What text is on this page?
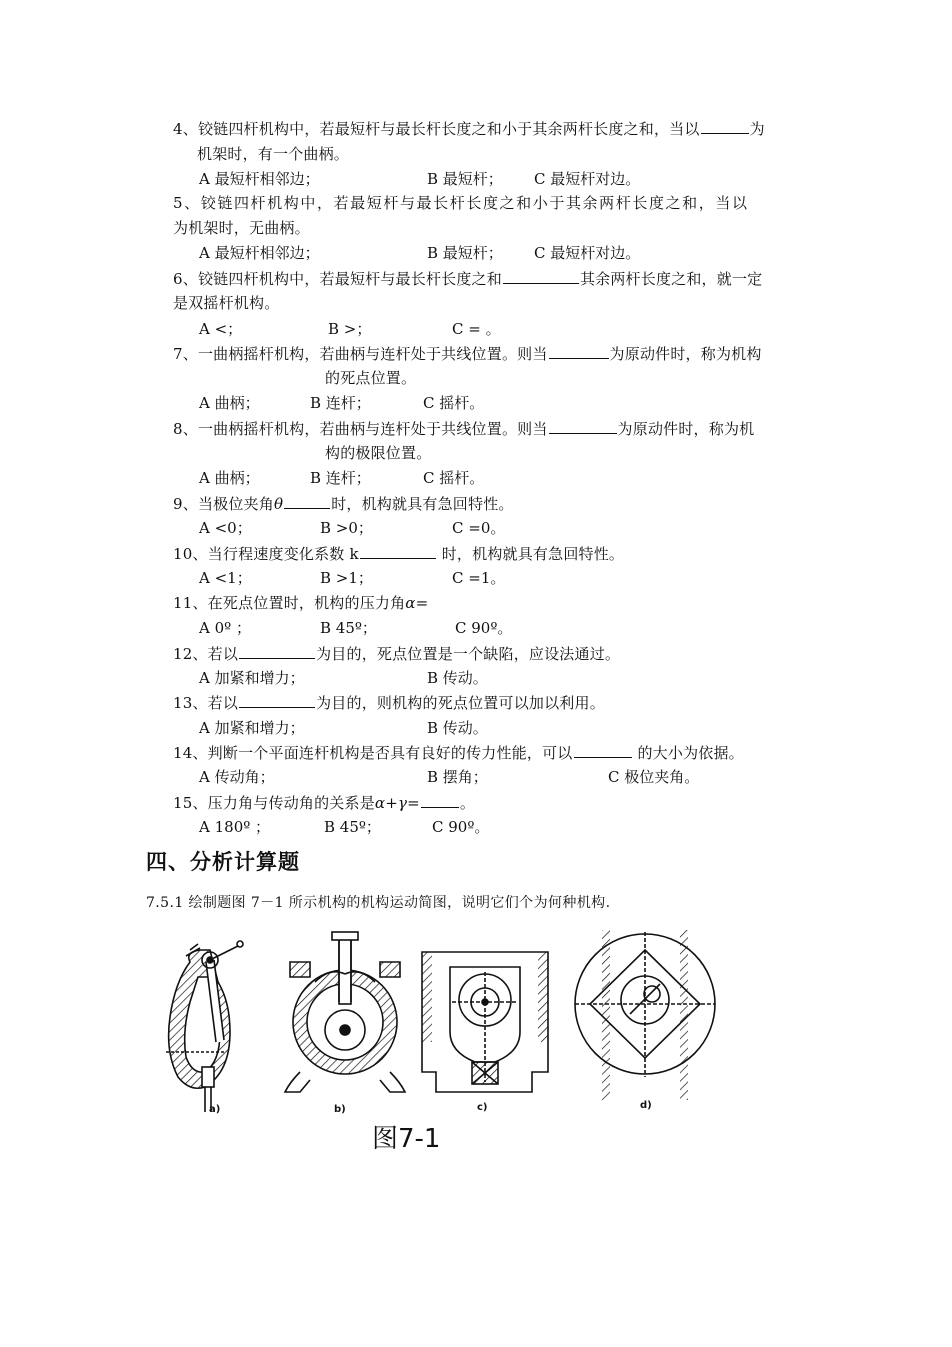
4、铰链四杆机构中，若最短杆与最长杆长度之和小于其余两杆长度之和，当以	为
机架时，有一个曲柄。
A 最短杆相邻边；	B 最短杆； C 最短杆对边。
5、铰链四杆机构中，若最短杆与最长杆长度之和小于其余两杆长度之和，当以
为机架时，无曲柄。
A 最短杆相邻边；	B 最短杆； C 最短杆对边。
6、铰链四杆机构中，若最短杆与最长杆长度之和	其余两杆长度之和，就一定
是双摇杆机构。
A <；	B >；	C = 。
7、一曲柄摇杆机构，若曲柄与连杆处于共线位置。则当	为原动件时，称为机构
的死点位置。
A 曲柄；	B 连杆；	C 摇杆。
8、一曲柄摇杆机构，若曲柄与连杆处于共线位置。则当	为原动件时，称为机
构的极限位置。
A 曲柄；	B 连杆；	C 摇杆。
9、当极位夹角θ	时，机构就具有急回特性。
A <0；	B >0；	C =0。
10、当行程速度变化系数 k	时，机构就具有急回特性。
A <1；	B >1；	C =1。
11、在死点位置时，机构的压力角α=
A 0º ；	B 45º；	C 90º。
12、若以	为目的，死点位置是一个缺陷，应设法通过。
A 加紧和增力；	B 传动。
13、若以	为目的，则机构的死点位置可以加以利用。
A 加紧和增力；	B 传动。
14、判断一个平面连杆机构是否具有良好的传力性能，可以	的大小为依据。
A 传动角；	B 摆角；	C 极位夹角。
15、压力角与传动角的关系是α+γ=	。
A 180º ；	B 45º；	C 90º。
四、分析计算题
7.5.1 绘制题图 7－1 所示机构的机构运动简图，说明它们个为何种机构.
a)	b)	c)	d)
图7-1
